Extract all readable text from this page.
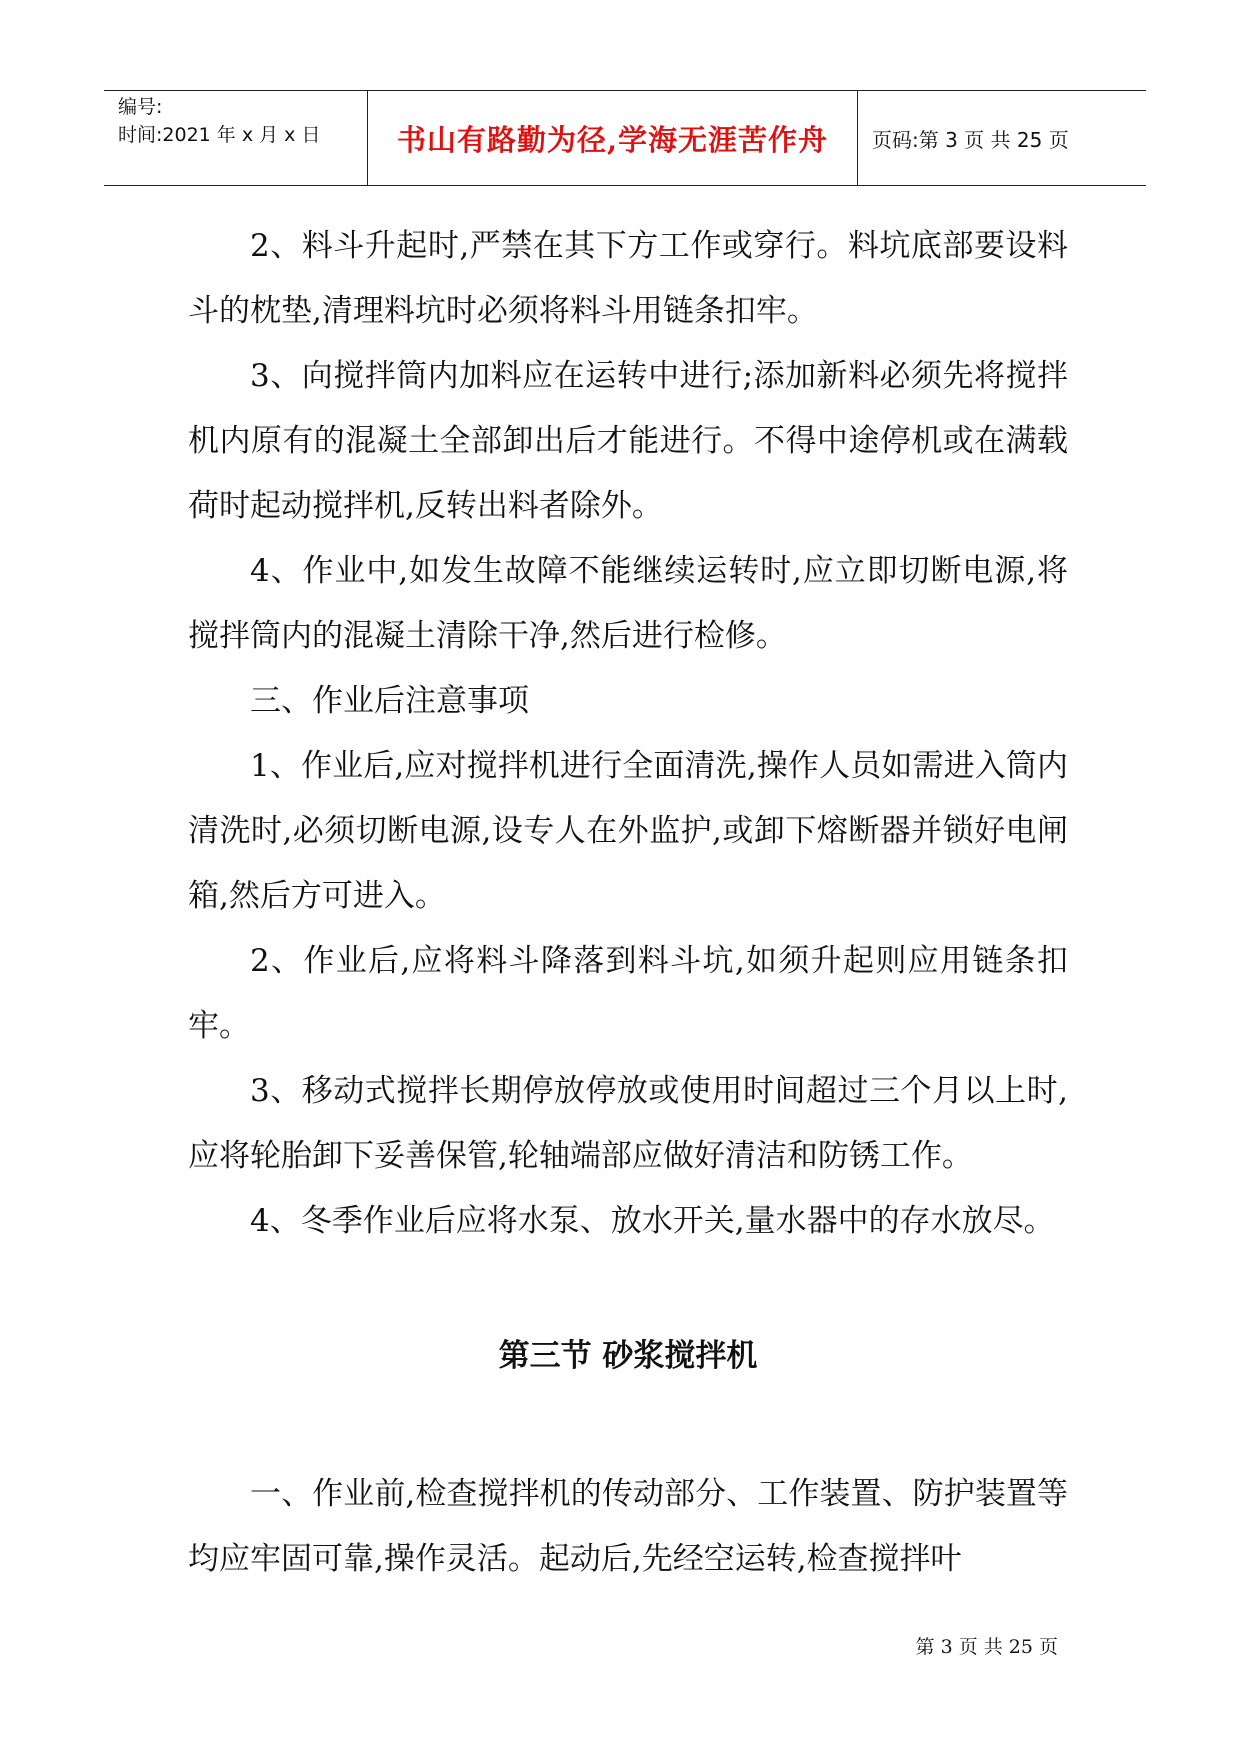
编号:
时间:2021 年 x 月 x 日	书山有路勤为径,学海无涯苦作舟	页码:第 3 页 共 25 页

2、料斗升起时,严禁在其下方工作或穿行。料坑底部要设料斗的枕垫,清理料坑时必须将料斗用链条扣牢。

3、向搅拌筒内加料应在运转中进行;添加新料必须先将搅拌机内原有的混凝土全部卸出后才能进行。不得中途停机或在满载荷时起动搅拌机,反转出料者除外。

4、作业中,如发生故障不能继续运转时,应立即切断电源,将搅拌筒内的混凝土清除干净,然后进行检修。

三、作业后注意事项

1、作业后,应对搅拌机进行全面清洗,操作人员如需进入筒内清洗时,必须切断电源,设专人在外监护,或卸下熔断器并锁好电闸箱,然后方可进入。

2、作业后,应将料斗降落到料斗坑,如须升起则应用链条扣牢。

3、移动式搅拌长期停放停放或使用时间超过三个月以上时,应将轮胎卸下妥善保管,轮轴端部应做好清洁和防锈工作。

4、冬季作业后应将水泵、放水开关,量水器中的存水放尽。

第三节 砂浆搅拌机

一、作业前,检查搅拌机的传动部分、工作装置、防护装置等均应牢固可靠,操作灵活。起动后,先经空运转,检查搅拌叶

第 3 页 共 25 页
